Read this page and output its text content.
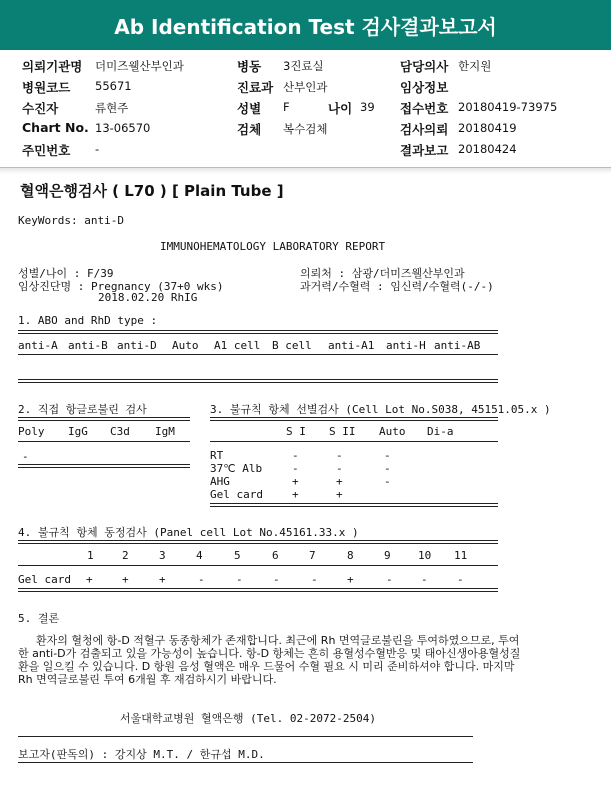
Ab Identification Test 검사결과보고서
의뢰기관명 더미즈웰산부인과	병동 3진료실	담당의사 한지원
병원코드 55671	진료과 산부인과	임상정보
수진자	류현주	성별 F	나이 39 접수번호 20180419-73975
Chart No. 13-06570	검체 복수검체	검사의뢰 20180419
주민번호 -	결과보고 20180424
혈액은행검사 ( L70 ) [ Plain Tube ]
KeyWords: anti-D
IMMUNOHEMATOLOGY LABORATORY REPORT
성별/나이 : F/39
임상진단명 : Pregnancy (37+0 wks)
2018.02.20 RhIG
의뢰처 : 삼광/더미즈웰산부인과
과거력/수혈력 : 임신력/수혈력(-/-)
1. ABO and RhD type :
anti-A anti-B anti-D Auto A1 cell B cell anti-A1 anti-H anti-AB
2. 직접 항글로불린 검사
Poly IgG C3d IgM
-
3. 불규칙 항체 선별검사 (Cell Lot No.S038, 45151.05.x )
S I S II Auto Di-a
RT	-	-	-
37℃ Alb	-	-	-
AHG	+	+	-
Gel card	+	+
4. 불규칙 항체 동정검사 (Panel cell Lot No.45161.33.x )
1	2	3	4	5	6	7	8	9 10 11
Gel card +	+	+	-	-	-	-	+	-	-	-
5. 결론
환자의 혈청에 항-D 적혈구 동종항체가 존재합니다. 최근에 Rh 면역글로불린을 투여하였으므로, 투여한 anti-D가 검출되고 있을 가능성이 높습니다. 항-D 항체는 흔히 용혈성수혈반응 및 태아신생아용혈성질환을 일으킬 수 있습니다. D 항원 음성 혈액은 매우 드물어 수혈 필요 시 미리 준비하셔야 합니다. 마지막 Rh 면역글로불린 투여 6개월 후 재검하시기 바랍니다.
서울대학교병원 혈액은행 (Tel. 02-2072-2504)
보고자(판독의) : 강지상 M.T. / 한규섭 M.D.
